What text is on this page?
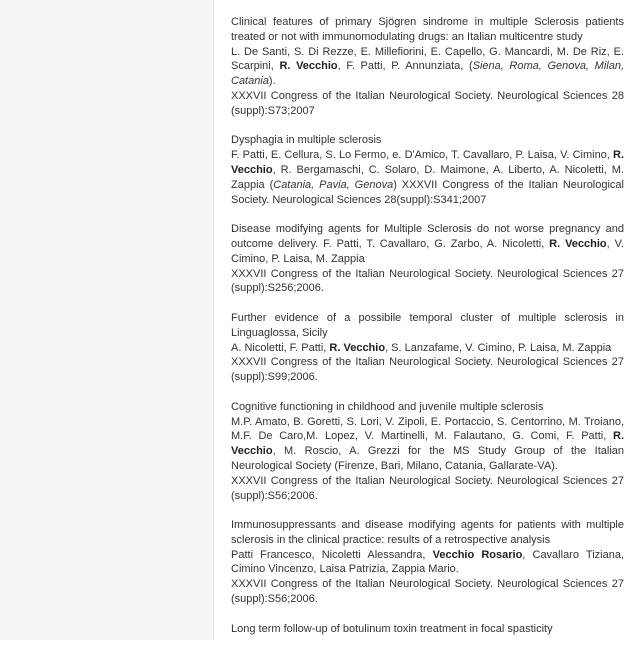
Clinical features of primary Sjögren sindrome in multiple Sclerosis patients treated or not with immunomodulating drugs: an Italian multicentre study

L. De Santi, S. Di Rezze, E. Millefiorini, E. Capello, G. Mancardi, M. De Riz, E. Scarpini, R. Vecchio, F. Patti, P. Annunziata, (Siena, Roma, Genova, Milan, Catania).

XXXVII Congress of the Italian Neurological Society. Neurological Sciences 28 (suppl):S73;2007

Dysphagia in multiple sclerosis

F. Patti, E. Cellura, S. Lo Fermo, e. D'Amico, T. Cavallaro, P. Laisa, V. Cimino, R. Vecchio, R. Bergamaschi, C. Solaro, D. Maimone, A. Liberto, A. Nicoletti, M. Zappia (Catania, Pavia, Genova) XXXVII Congress of the Italian Neurological Society. Neurological Sciences 28(suppl):S341;2007

Disease modifying agents for Multiple Sclerosis do not worse pregnancy and outcome delivery. F. Patti, T. Cavallaro, G. Zarbo, A. Nicoletti, R. Vecchio, V. Cimino, P. Laisa, M. Zappia

XXXVII Congress of the Italian Neurological Society. Neurological Sciences 27 (suppl):S256;2006.

Further evidence of a possibile temporal cluster of multiple sclerosis in Linguaglossa, Sicily

A. Nicoletti, F. Patti, R. Vecchio, S. Lanzafame, V. Cimino, P. Laisa, M. Zappia

XXXVII Congress of the Italian Neurological Society. Neurological Sciences 27 (suppl):S99;2006.

Cognitive functioning in childhood and juvenile multiple sclerosis

M.P. Amato, B. Goretti, S. Lori, V. Zipoli, E. Portaccio, S. Centorrino, M. Troiano, M.F. De Caro,M. Lopez, V. Martinelli, M. Falautano, G. Comi, F. Patti, R. Vecchio, M. Roscio, A. Grezzi for the MS Study Group of the Italian Neurological Society (Firenze, Bari, Milano, Catania, Gallarate-VA).

XXXVII Congress of the Italian Neurological Society. Neurological Sciences 27 (suppl):S56;2006.

Immunosuppressants and disease modifying agents for patients with multiple sclerosis in the clinical practice: results of a retrospective analysis

Patti Francesco, Nicoletti Alessandra, Vecchio Rosario, Cavallaro Tiziana, Cimino Vincenzo, Laisa Patrizia, Zappia Mario.

XXXVII Congress of the Italian Neurological Society. Neurological Sciences 27 (suppl):S56;2006.

Long term follow-up of botulinum toxin treatment in focal spasticity
